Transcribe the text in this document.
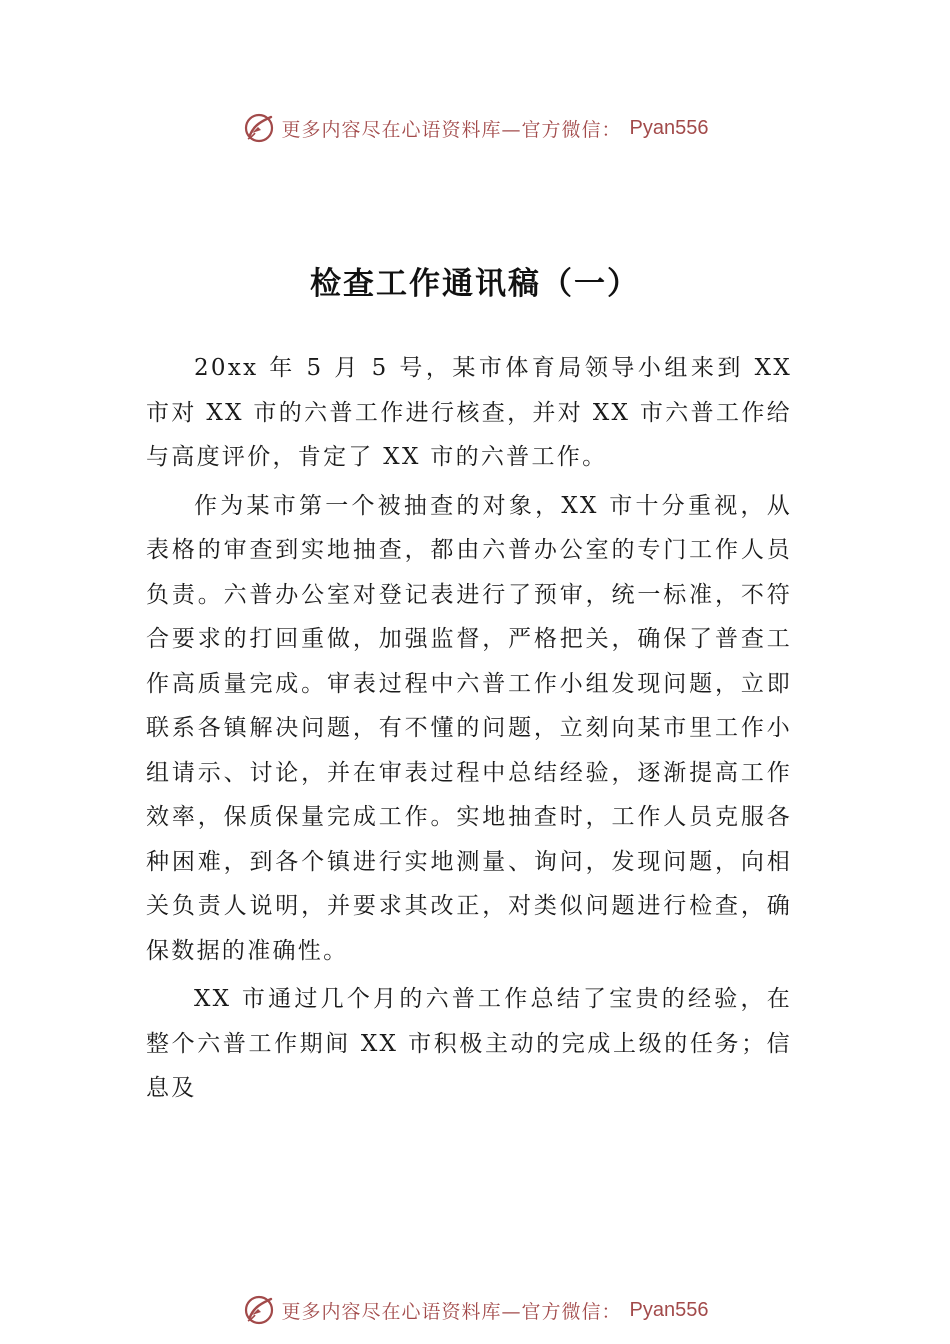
更多内容尽在心语资料库—官方微信： Pyan556
检查工作通讯稿（一）

20xx 年 5 月 5 号，某市体育局领导小组来到 XX 市对 XX 市的六普工作进行核查，并对 XX 市六普工作给与高度评价，肯定了 XX 市的六普工作。

作为某市第一个被抽查的对象，XX 市十分重视，从表格的审查到实地抽查，都由六普办公室的专门工作人员负责。六普办公室对登记表进行了预审，统一标准，不符合要求的打回重做，加强监督，严格把关，确保了普查工作高质量完成。审表过程中六普工作小组发现问题，立即联系各镇解决问题，有不懂的问题，立刻向某市里工作小组请示、讨论，并在审表过程中总结经验，逐渐提高工作效率，保质保量完成工作。实地抽查时，工作人员克服各种困难，到各个镇进行实地测量、询问，发现问题，向相关负责人说明，并要求其改正，对类似问题进行检查，确保数据的准确性。

XX 市通过几个月的六普工作总结了宝贵的经验，在整个六普工作期间 XX 市积极主动的完成上级的任务；信息及

更多内容尽在心语资料库—官方微信： Pyan556
